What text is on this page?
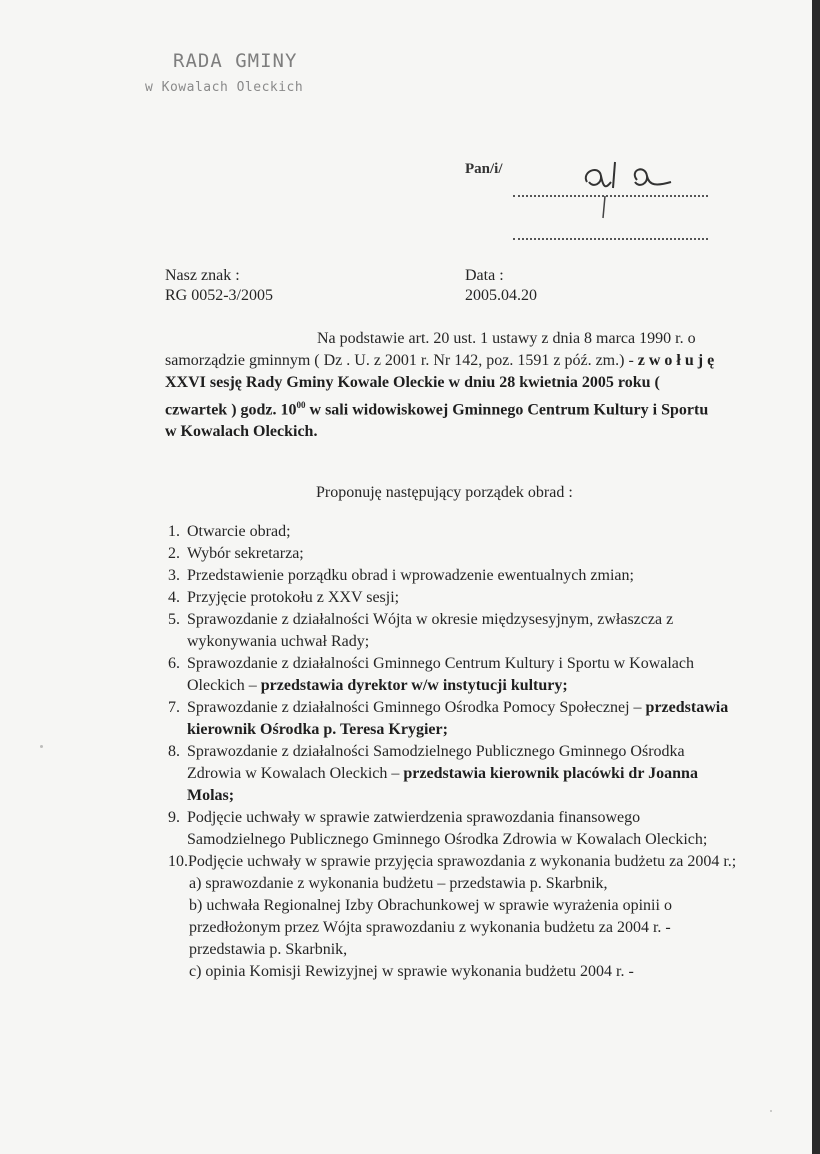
RADA GMINY
w Kowalach Oleckich
Pan/i/
Nasz znak :
RG 0052-3/2005
Data :
2005.04.20
Na podstawie art. 20 ust. 1 ustawy z dnia 8 marca 1990 r. o samorządzie gminnym ( Dz . U. z 2001 r. Nr 142, poz. 1591 z póź. zm.) - z w o ł u j ę XXVI sesję Rady Gminy Kowale Oleckie w dniu 28 kwietnia 2005 roku ( czwartek ) godz. $10^{00}$ w sali widowiskowej Gminnego Centrum Kultury i Sportu w Kowalach Oleckich.
Proponuję następujący porządek obrad :
1. Otwarcie obrad;
2. Wybór sekretarza;
3. Przedstawienie porządku obrad i wprowadzenie ewentualnych zmian;
4. Przyjęcie protokołu z XXV sesji;
5. Sprawozdanie z działalności Wójta w okresie międzysesyjnym, zwłaszcza z wykonywania uchwał Rady;
6. Sprawozdanie z działalności Gminnego Centrum Kultury i Sportu w Kowalach Oleckich – przedstawia dyrektor w/w instytucji kultury;
7. Sprawozdanie z działalności Gminnego Ośrodka Pomocy Społecznej – przedstawia kierownik Ośrodka p. Teresa Krygier;
8. Sprawozdanie z działalności Samodzielnego Publicznego Gminnego Ośrodka Zdrowia w Kowalach Oleckich – przedstawia kierownik placówki dr Joanna Molas;
9. Podjęcie uchwały w sprawie zatwierdzenia sprawozdania finansowego Samodzielnego Publicznego Gminnego Ośrodka Zdrowia w Kowalach Oleckich;
10.Podjęcie uchwały w sprawie przyjęcia sprawozdania z wykonania budżetu za 2004 r.;
a) sprawozdanie z wykonania budżetu – przedstawia p. Skarbnik,
b) uchwała Regionalnej Izby Obrachunkowej w sprawie wyrażenia opinii o przedłożonym przez Wójta sprawozdaniu z wykonania budżetu za 2004 r. - przedstawia p. Skarbnik,
c) opinia Komisji Rewizyjnej w sprawie wykonania budżetu 2004 r. -
